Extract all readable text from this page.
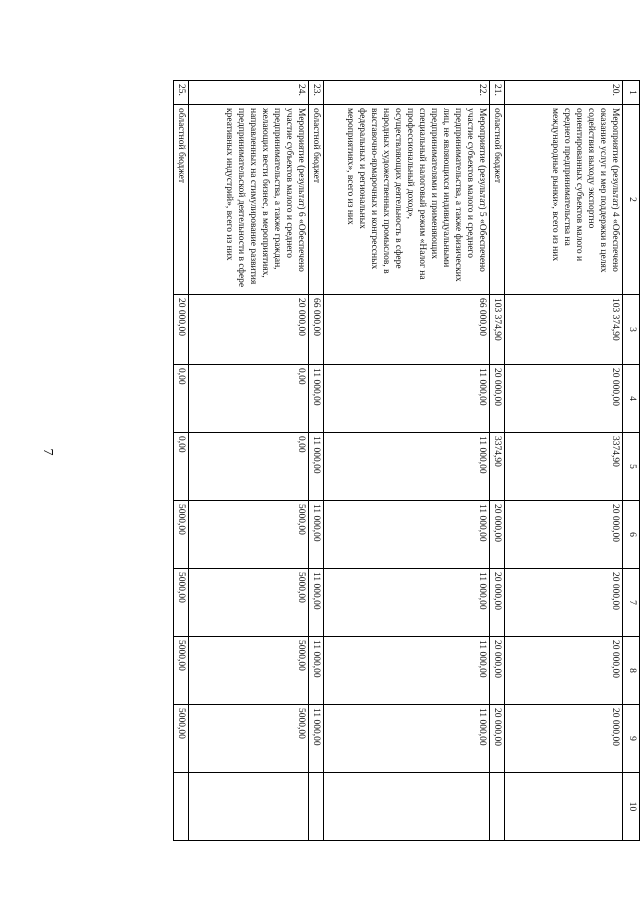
7
1	2	3	4	5	6	7	8	9	10
20.	Мероприятие (результат) 4 «Обеспечено оказание услуг и мер поддержки в целях содействия выходу экспортно ориентированных субъектов малого и среднего предпринимательства на международные рынки», всего из них	103 374,90	20 000,00	3374,90	20 000,00	20 000,00	20 000,00	20 000,00	
21.	областной бюджет	103 374,90	20 000,00	3374,90	20 000,00	20 000,00	20 000,00	20 000,00	
22.	Мероприятие (результат) 5 «Обеспечено участие субъектов малого и среднего предпринимательства, а также физических лиц, не являющихся индивидуальными предпринимателями и применяющих специальный налоговый режим «Налог на профессиональный доход», осуществляющих деятельность в сфере народных художественных промыслов, в выставочно-ярмарочных и конгрессных федеральных и региональных мероприятиях», всего из них	66 000,00	11 000,00	11 000,00	11 000,00	11 000,00	11 000,00	11 000,00	
23.	областной бюджет	66 000,00	11 000,00	11 000,00	11 000,00	11 000,00	11 000,00	11 000,00	
24.	Мероприятие (результат) 6 «Обеспечено участие субъектов малого и среднего предпринимательства, а также граждан, желающих вести бизнес, в мероприятиях, направленных на стимулирование развития предпринимательской деятельности в сфере креативных индустрий», всего из них	20 000,00	0,00	0,00	5000,00	5000,00	5000,00	5000,00	
25.	областной бюджет	20 000,00	0,00	0,00	5000,00	5000,00	5000,00	5000,00	
